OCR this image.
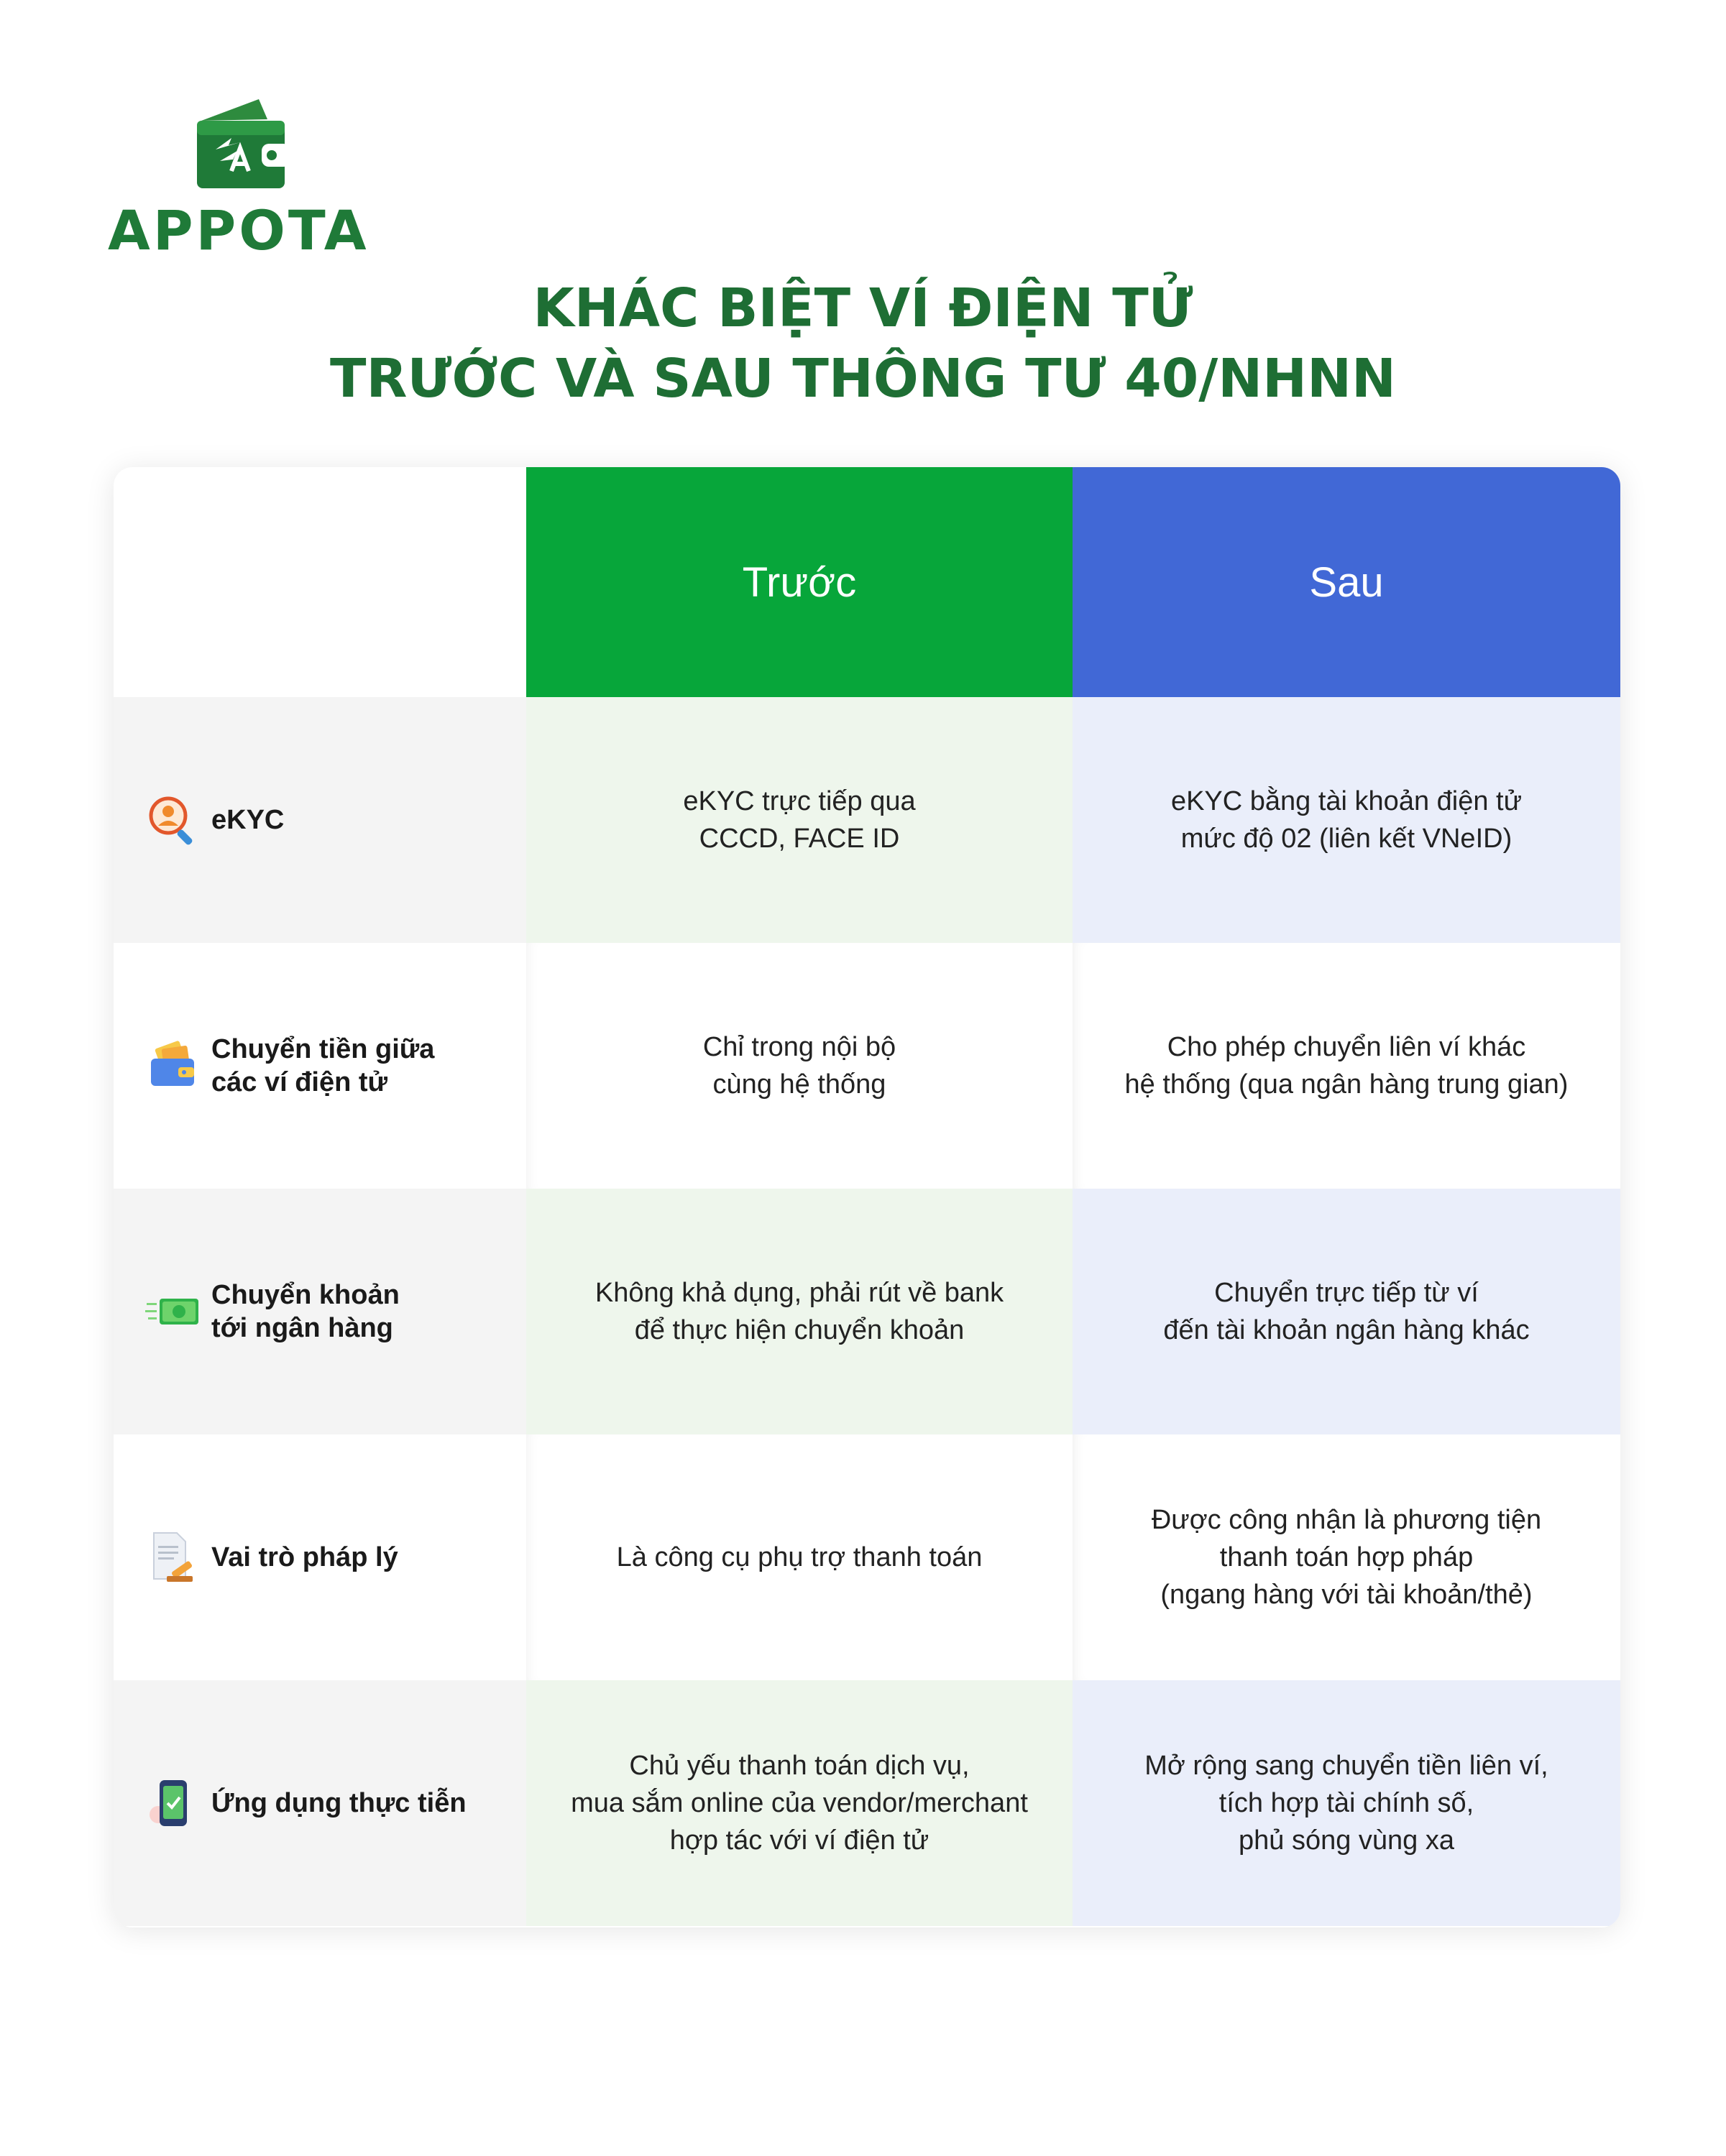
APPOTA
KHÁC BIỆT VÍ ĐIỆN TỬ
TRƯỚC VÀ SAU THÔNG TƯ 40/NHNN
Trước	Sau
eKYC
eKYC trực tiếp qua
CCCD, FACE ID
eKYC bằng tài khoản điện tử
mức độ 02 (liên kết VNeID)
Chuyển tiền giữa
các ví điện tử
Chỉ trong nội bộ
cùng hệ thống
Cho phép chuyển liên ví khác
hệ thống (qua ngân hàng trung gian)
Chuyển khoản
tới ngân hàng
Không khả dụng, phải rút về bank
để thực hiện chuyển khoản
Chuyển trực tiếp từ ví
đến tài khoản ngân hàng khác
Vai trò pháp lý	Là công cụ phụ trợ thanh toán
Được công nhận là phương tiện
thanh toán hợp pháp
(ngang hàng với tài khoản/thẻ)
Ứng dụng thực tiễn
Chủ yếu thanh toán dịch vụ,
mua sắm online của vendor/merchant
hợp tác với ví điện tử
Mở rộng sang chuyển tiền liên ví,
tích hợp tài chính số,
phủ sóng vùng xa
